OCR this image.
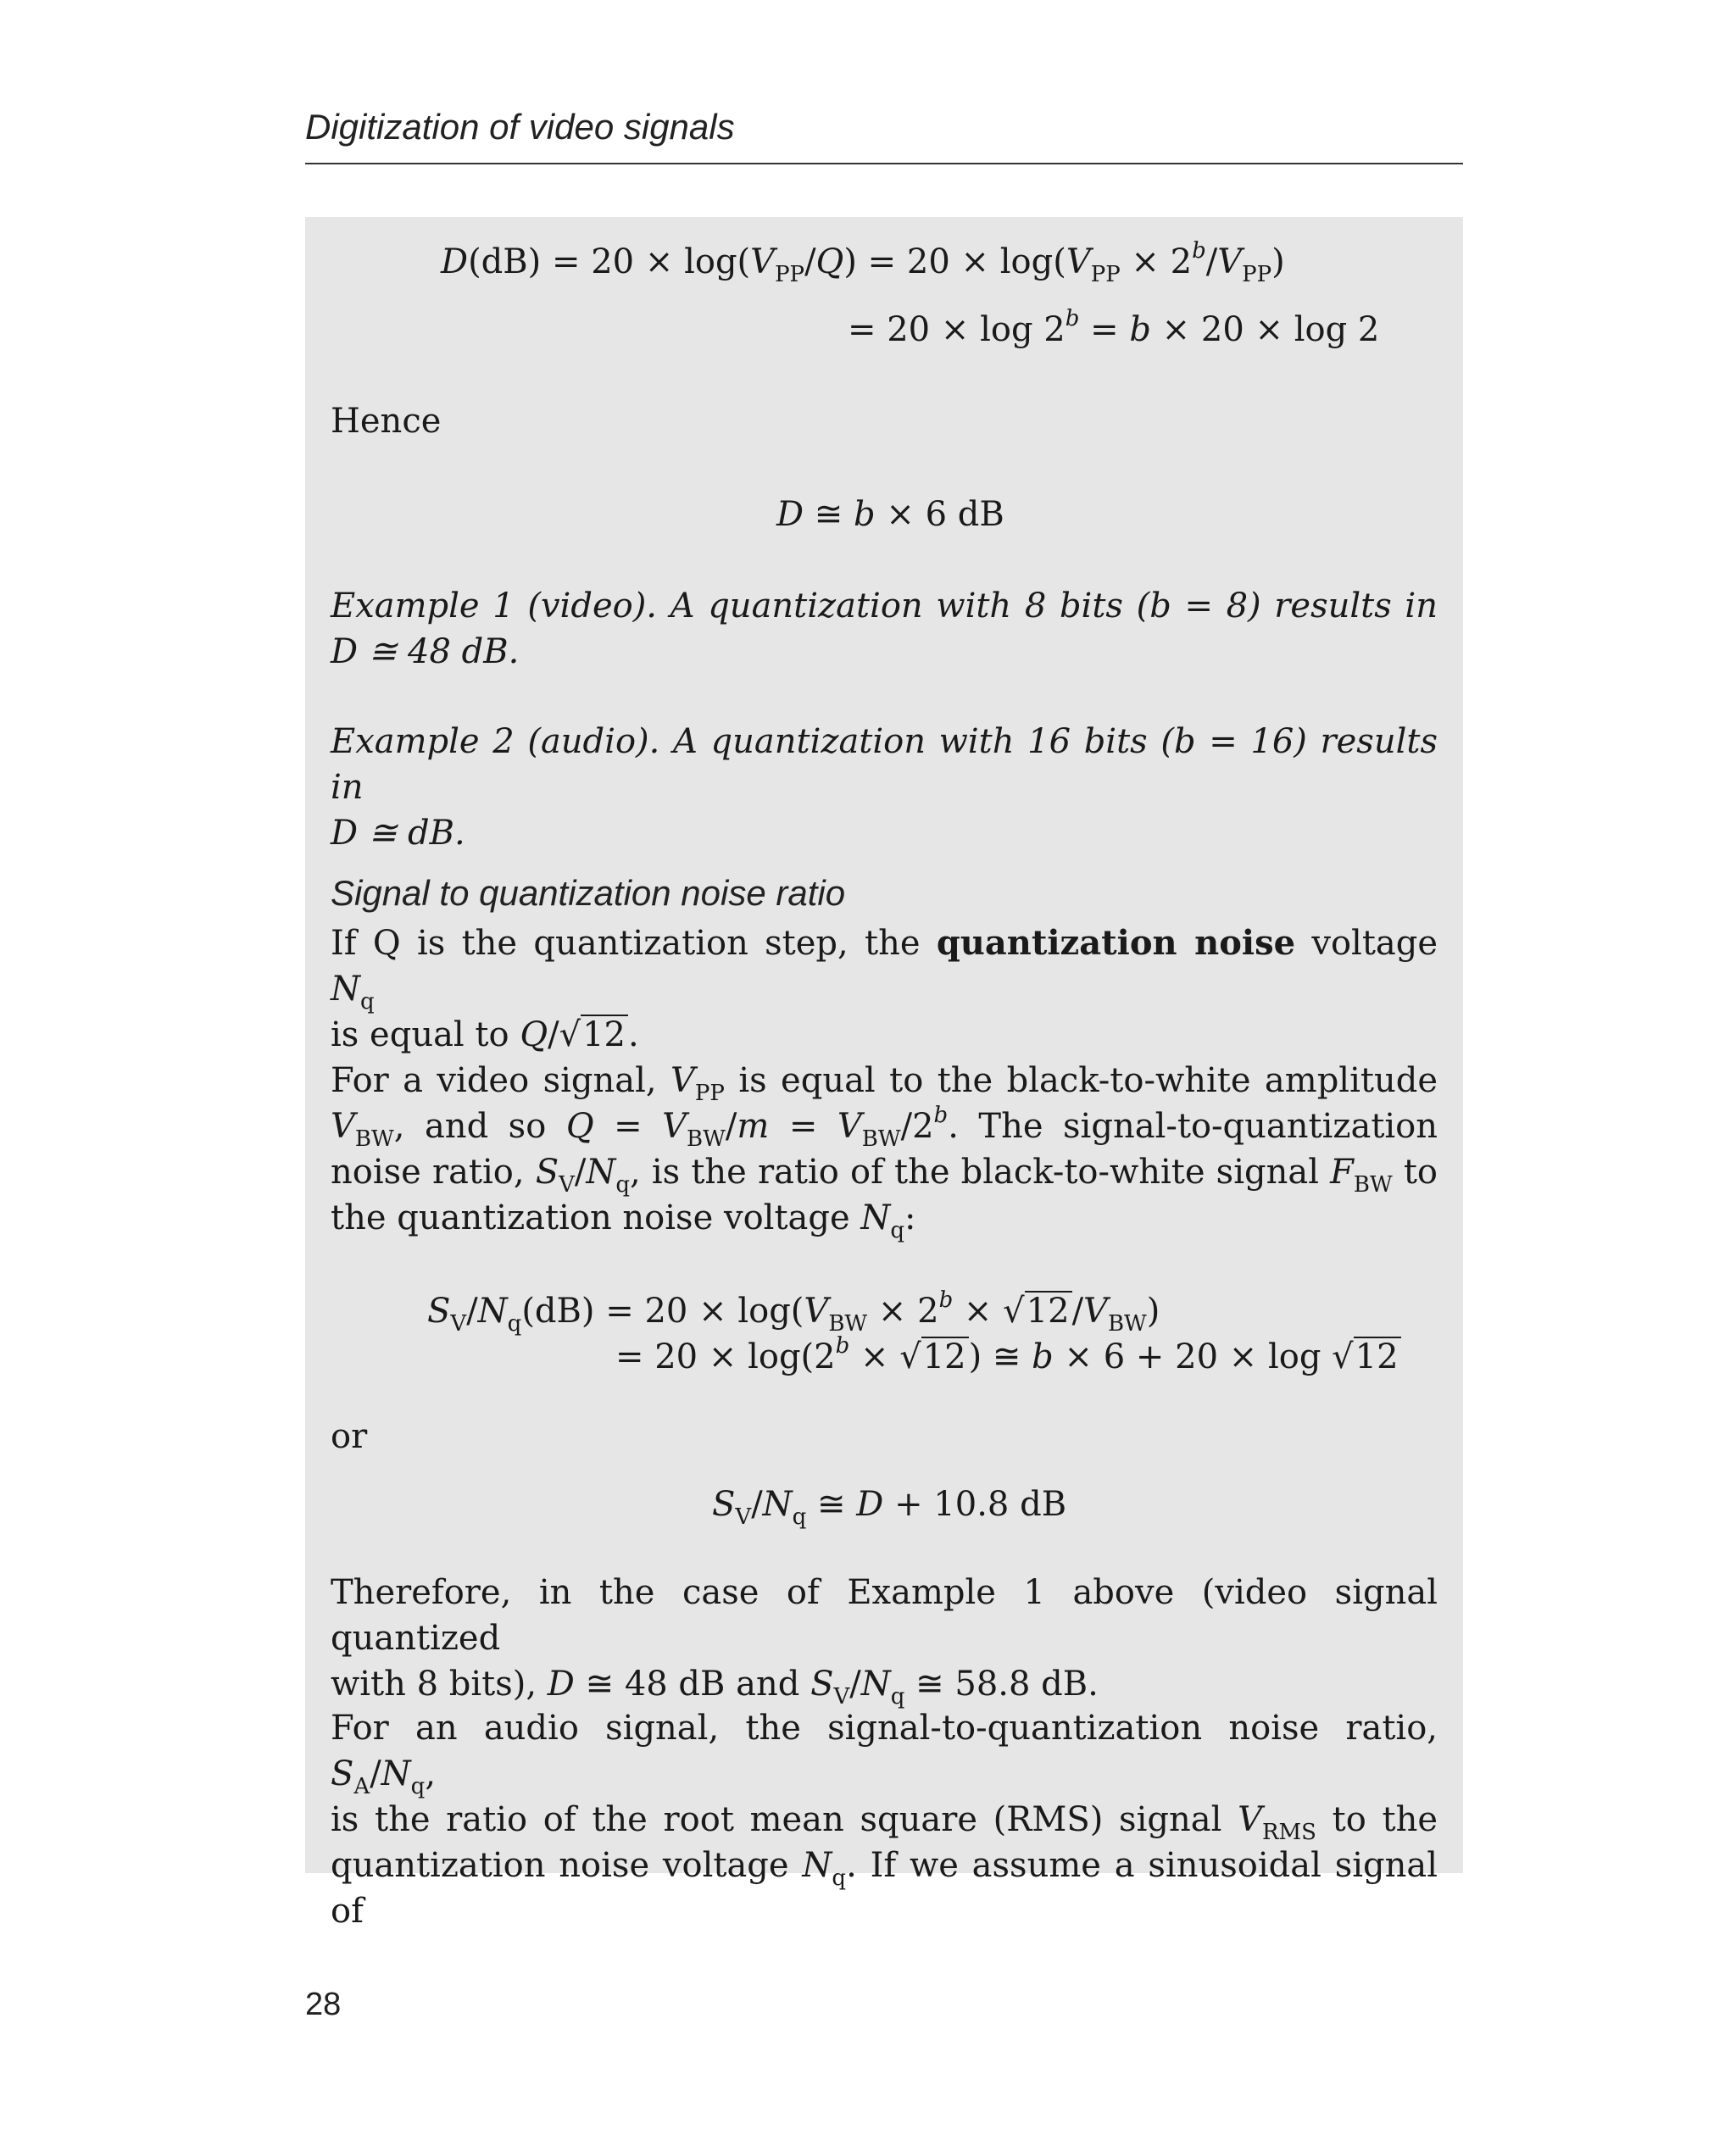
Digitization of video signals
$D(dB) = 20 \times \log(V_{PP}/Q) = 20 \times \log(V_{PP} \times 2^b/V_{PP})$
= $20 \times \log 2^b = b \times 20 \times \log 2$
Hence
D ≅ b × 6 dB
Example 1 (video). A quantization with 8 bits (b = 8) results in
D ≅ 48 dB.
Example 2 (audio). A quantization with 16 bits (b = 16) results in
D ≅ dB.
Signal to quantization noise ratio
If Q is the quantization step, the quantization noise voltage $N_q$
is equal to Q/√12.
For a video signal, $V_{PP}$ is equal to the black-to-white amplitude
$V_{BW}$, and so $Q = V_{BW}/m = V_{BW}/2^b$. The signal-to-quantization
noise ratio, $S_V/N_q$, is the ratio of the black-to-white signal $F_{BW}$ to
the quantization noise voltage $N_q$:
$S_V/N_q(dB) = 20 \times \log(V_{BW} \times 2^b \times √12/V_{BW})$
= $20 \times \log(2^b \times √12)$ ≅ b × 6 + 20 × log √12
or
$S_V/N_q$ ≅ D + 10.8 dB
Therefore, in the case of Example 1 above (video signal quantized
with 8 bits), D ≅ 48 dB and $S_V/N_q$ ≅ 58.8 dB.
For an audio signal, the signal-to-quantization noise ratio, $S_A/N_q$,
is the ratio of the root mean square (RMS) signal $V_{RMS}$ to the
quantization noise voltage $N_q$. If we assume a sinusoidal signal of
28
